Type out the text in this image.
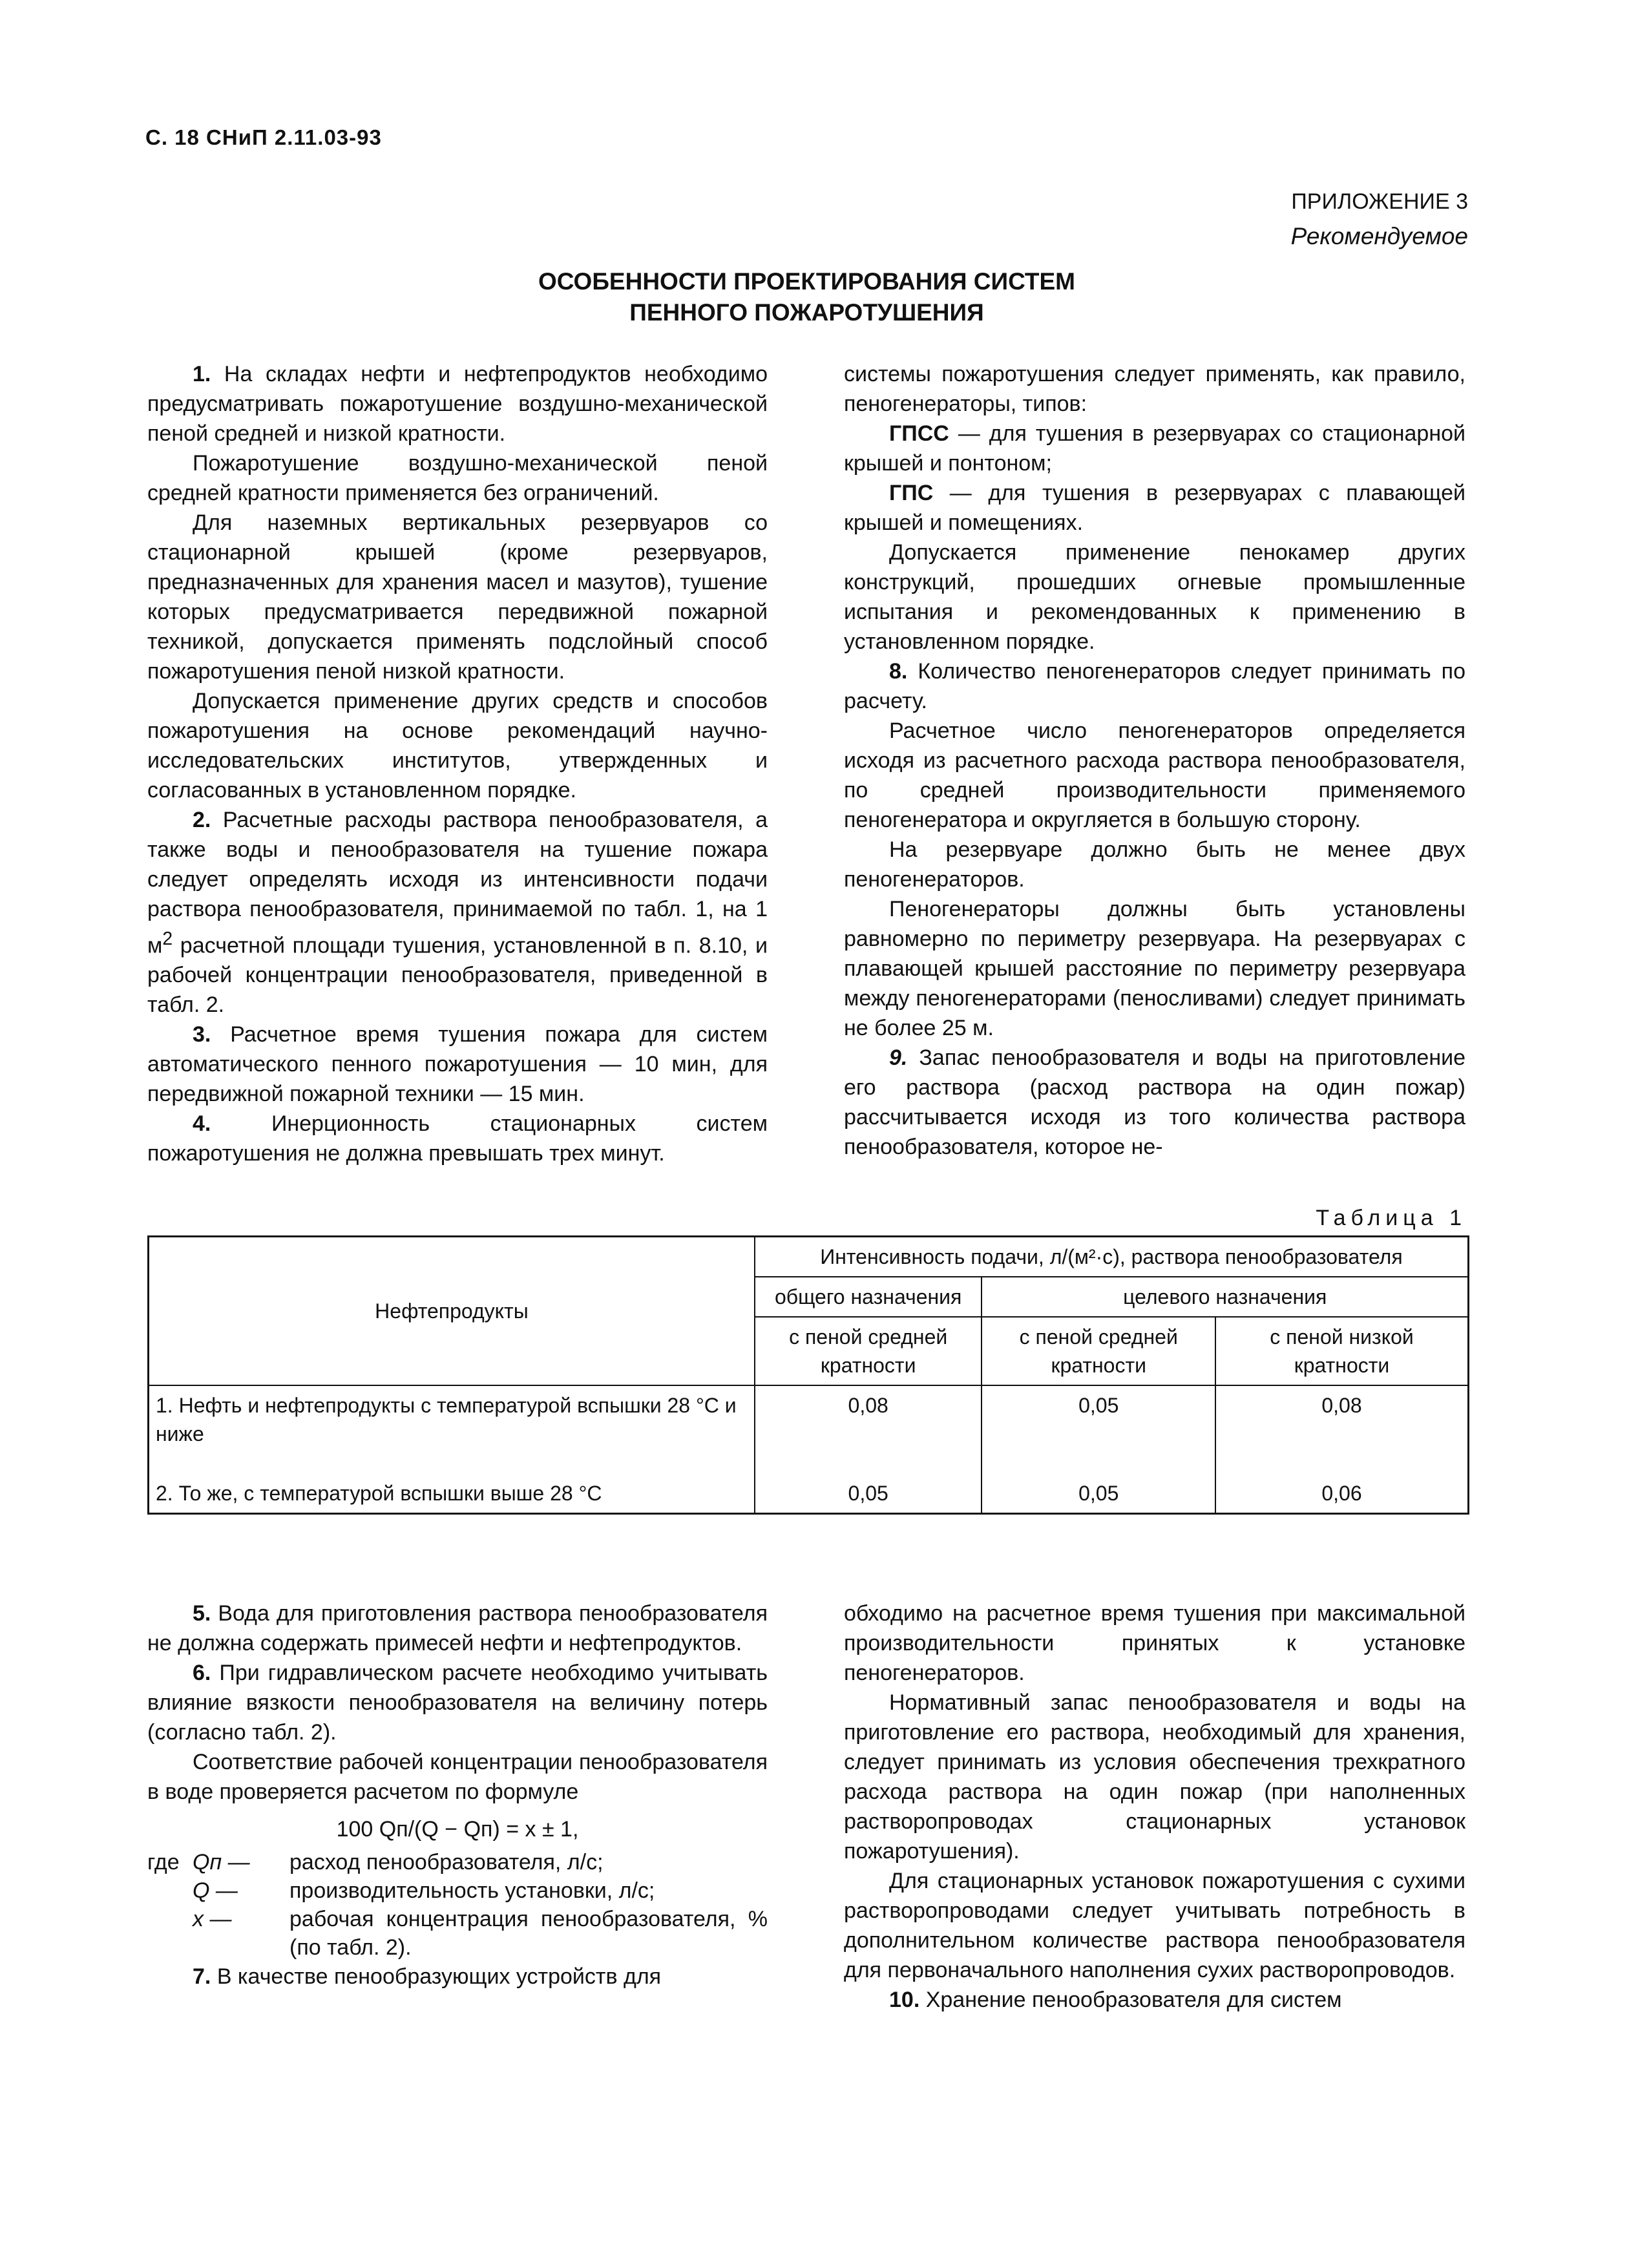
С. 18 СНиП 2.11.03-93
ПРИЛОЖЕНИЕ 3
Рекомендуемое
ОСОБЕННОСТИ ПРОЕКТИРОВАНИЯ СИСТЕМ
ПЕННОГО ПОЖАРОТУШЕНИЯ

1. На складах нефти и нефтепродуктов необходимо предусматривать пожаротушение воздушно-механической пеной средней и низкой кратности.

Пожаротушение воздушно-механической пеной средней кратности применяется без ограничений.

Для наземных вертикальных резервуаров со стационарной крышей (кроме резервуаров, предназначенных для хранения масел и мазутов), тушение которых предусматривается передвижной пожарной техникой, допускается применять подслойный способ пожаротушения пеной низкой кратности.

Допускается применение других средств и способов пожаротушения на основе рекомендаций научно-исследовательских институтов, утвержденных и согласованных в установленном порядке.

2. Расчетные расходы раствора пенообразователя, а также воды и пенообразователя на тушение пожара следует определять исходя из интенсивности подачи раствора пенообразователя, принимаемой по табл. 1, на 1 $м^2$ расчетной площади тушения, установленной в п. 8.10, и рабочей концентрации пенообразователя, приведенной в табл. 2.

3. Расчетное время тушения пожара для систем автоматического пенного пожаротушения — 10 мин, для передвижной пожарной техники — 15 мин.

4.	Инерционность стационарных систем пожаротушения не должна превышать трех минут.

системы пожаротушения следует применять, как правило, пеногенераторы, типов:

ГПСС — для тушения в резервуарах со стационарной крышей и понтоном;

ГПС — для тушения в резервуарах с плавающей крышей и помещениях.

Допускается применение пенокамер других конструкций, прошедших огневые промышленные испытания и рекомендованных к применению в установленном порядке.

8. Количество пеногенераторов следует принимать по расчету.

Расчетное число пеногенераторов определяется исходя из расчетного расхода раствора пенообразователя, по средней производительности применяемого пеногенератора и округляется в большую сторону.

На резервуаре должно быть не менее двух пеногенераторов.

Пеногенераторы должны быть установлены равномерно по периметру резервуара. На резервуарах с плавающей крышей расстояние по периметру резервуара между пеногенераторами (пеносливами) следует принимать не более 25 м.

9. Запас пенообразователя и воды на приготовление его раствора (расход раствора на один пожар) рассчитывается исходя из того количества раствора пенообразователя, которое не-

Таблица 1
Нефтепродукты	Интенсивность подачи, л/(м²·с), раствора пенообразователя		
	общего назначения	целевого назначения	
	с пеной средней кратности	с пеной средней кратности	с пеной низкой кратности
1. Нефть и нефтепродукты с температурой вспышки 28 °С и ниже	0,08	0,05	0,08
2. То же, с температурой вспышки выше 28 °С	0,05	0,05	0,06

5. Вода для приготовления раствора пенообразователя не должна содержать примесей нефти и нефтепродуктов.

6. При гидравлическом расчете необходимо учитывать влияние вязкости пенообразователя на величину потерь (согласно табл. 2).

Соответствие рабочей концентрации пенообразователя в воде проверяется расчетом по формуле

100 Qп/(Q − Qп) = x ± 1,
где	Qп —	расход пенообразователя, л/с;
	Q —	производительность установки, л/с;
	x —	рабочая концентрация пенообразователя, % (по табл. 2).

7. В качестве пенообразующих устройств для

обходимо на расчетное время тушения при максимальной производительности принятых к установке пеногенераторов.

Нормативный запас пенообразователя и воды на приготовление его раствора, необходимый для хранения, следует принимать из условия обеспечения трехкратного расхода раствора на один пожар (при наполненных растворопроводах стационарных установок пожаротушения).

Для стационарных установок пожаротушения с сухими растворопроводами следует учитывать потребность в дополнительном количестве раствора пенообразователя для первоначального наполнения сухих растворопроводов.

10. Хранение пенообразователя для систем
